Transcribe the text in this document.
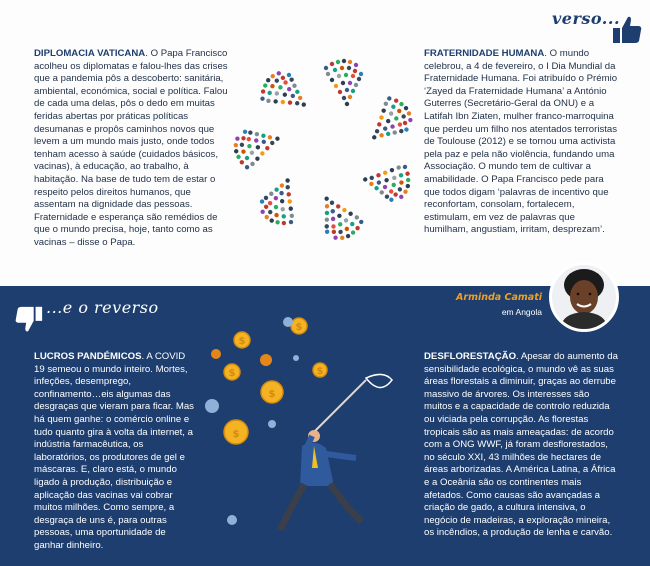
verso...
...e o reverso
DIPLOMACIA VATICANA. O Papa Francisco acolheu os diplomatas e falou-lhes das crises que a pandemia pôs a descoberto: sanitária, ambiental, económica, social e política. Falou de cada uma delas, pôs o dedo em muitas feridas abertas por práticas políticas desumanas e propôs caminhos novos que levem a um mundo mais justo, onde todos tenham acesso à saúde (cuidados básicos, vacinas), à educação, ao trabalho, à habitação. Na base de tudo tem de estar o respeito pelos direitos humanos, que assentam na dignidade das pessoas. Fraternidade e esperança são remédios de que o mundo precisa, hoje, tanto como as vacinas – disse o Papa.
FRATERNIDADE HUMANA. O mundo celebrou, a 4 de fevereiro, o I Dia Mundial da Fraternidade Humana. Foi atribuído o Prémio ‘Zayed da Fraternidade Humana’ a António Guterres (Secretário-Geral da ONU) e a Latifah Ibn Ziaten, mulher franco-marroquina que perdeu um filho nos atentados terroristas de Toulouse (2012) e se tornou uma activista pela paz e pela não violência, fundando uma Associação. O mundo tem de cultivar a amabilidade. O Papa Francisco pede para que todos digam ‘palavras de incentivo que reconfortam, consolam, fortalecem, estimulam, em vez de palavras que humilham, angustiam, irritam, desprezam’.
Arminda Camati
em Angola
LUCROS PANDÉMICOS. A COVID 19 semeou o mundo inteiro. Mortes, infeções, desemprego, confinamento…eis algumas das desgraças que vieram para ficar. Mas há quem ganhe: o comércio online e tudo quanto gira à volta da internet, a indústria farmacêutica, os laboratórios, os produtores de gel e máscaras. E, claro está, o mundo ligado à produção, distribuição e aplicação das vacinas vai cobrar muitos milhões. Como sempre, a desgraça de uns é, para outras pessoas, uma oportunidade de ganhar dinheiro.
$
$
$
$
$
$
DESFLORESTAÇÃO. Apesar do aumento da sensibilidade ecológica, o mundo vê as suas áreas florestais a diminuir, graças ao derrube massivo de árvores. Os interesses são muitos e a capacidade de controlo reduzida ou viciada pela corrupção. As florestas tropicais são as mais ameaçadas: de acordo com a ONG WWF, já foram desflorestados, no século XXI, 43 milhões de hectares de áreas arborizadas. A América Latina, a África e a Oceânia são os continentes mais afetados. Como causas são avançadas a criação de gado, a cultura intensiva, o negócio de madeiras, a exploração mineira, os incêndios, a produção de lenha e carvão.
